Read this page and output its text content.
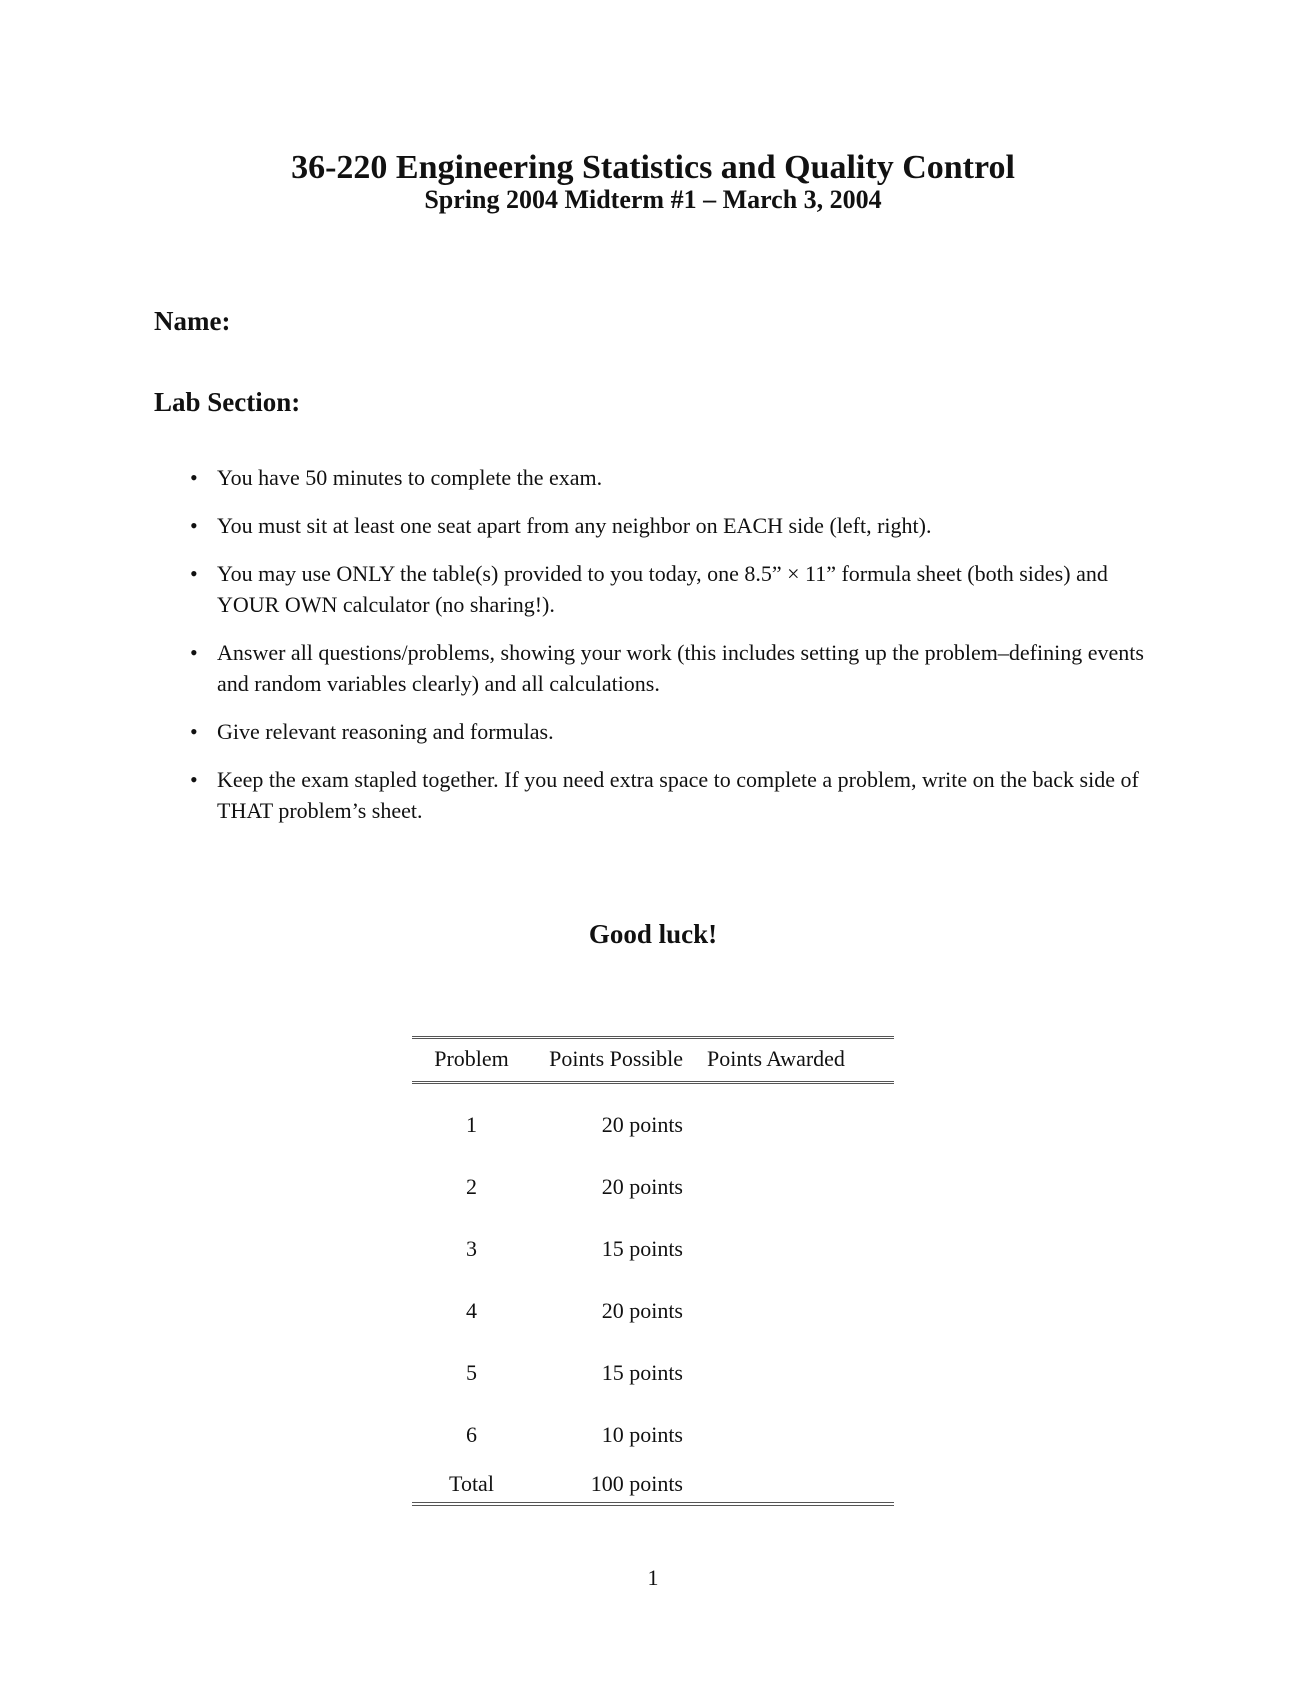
36-220 Engineering Statistics and Quality Control
Spring 2004 Midterm #1 – March 3, 2004
Name:
Lab Section:
• You have 50 minutes to complete the exam.
• You must sit at least one seat apart from any neighbor on EACH side (left, right).
• You may use ONLY the table(s) provided to you today, one 8.5” × 11” formula sheet (both sides) and YOUR OWN calculator (no sharing!).
• Answer all questions/problems, showing your work (this includes setting up the problem–defining events and random variables clearly) and all calculations.
• Give relevant reasoning and formulas.
• Keep the exam stapled together. If you need extra space to complete a problem, write on the back side of THAT problem’s sheet.
Good luck!
Problem	Points Possible	Points Awarded
1	20 points	
2	20 points	
3	15 points	
4	20 points	
5	15 points	
6	10 points	
Total	100 points	
1
